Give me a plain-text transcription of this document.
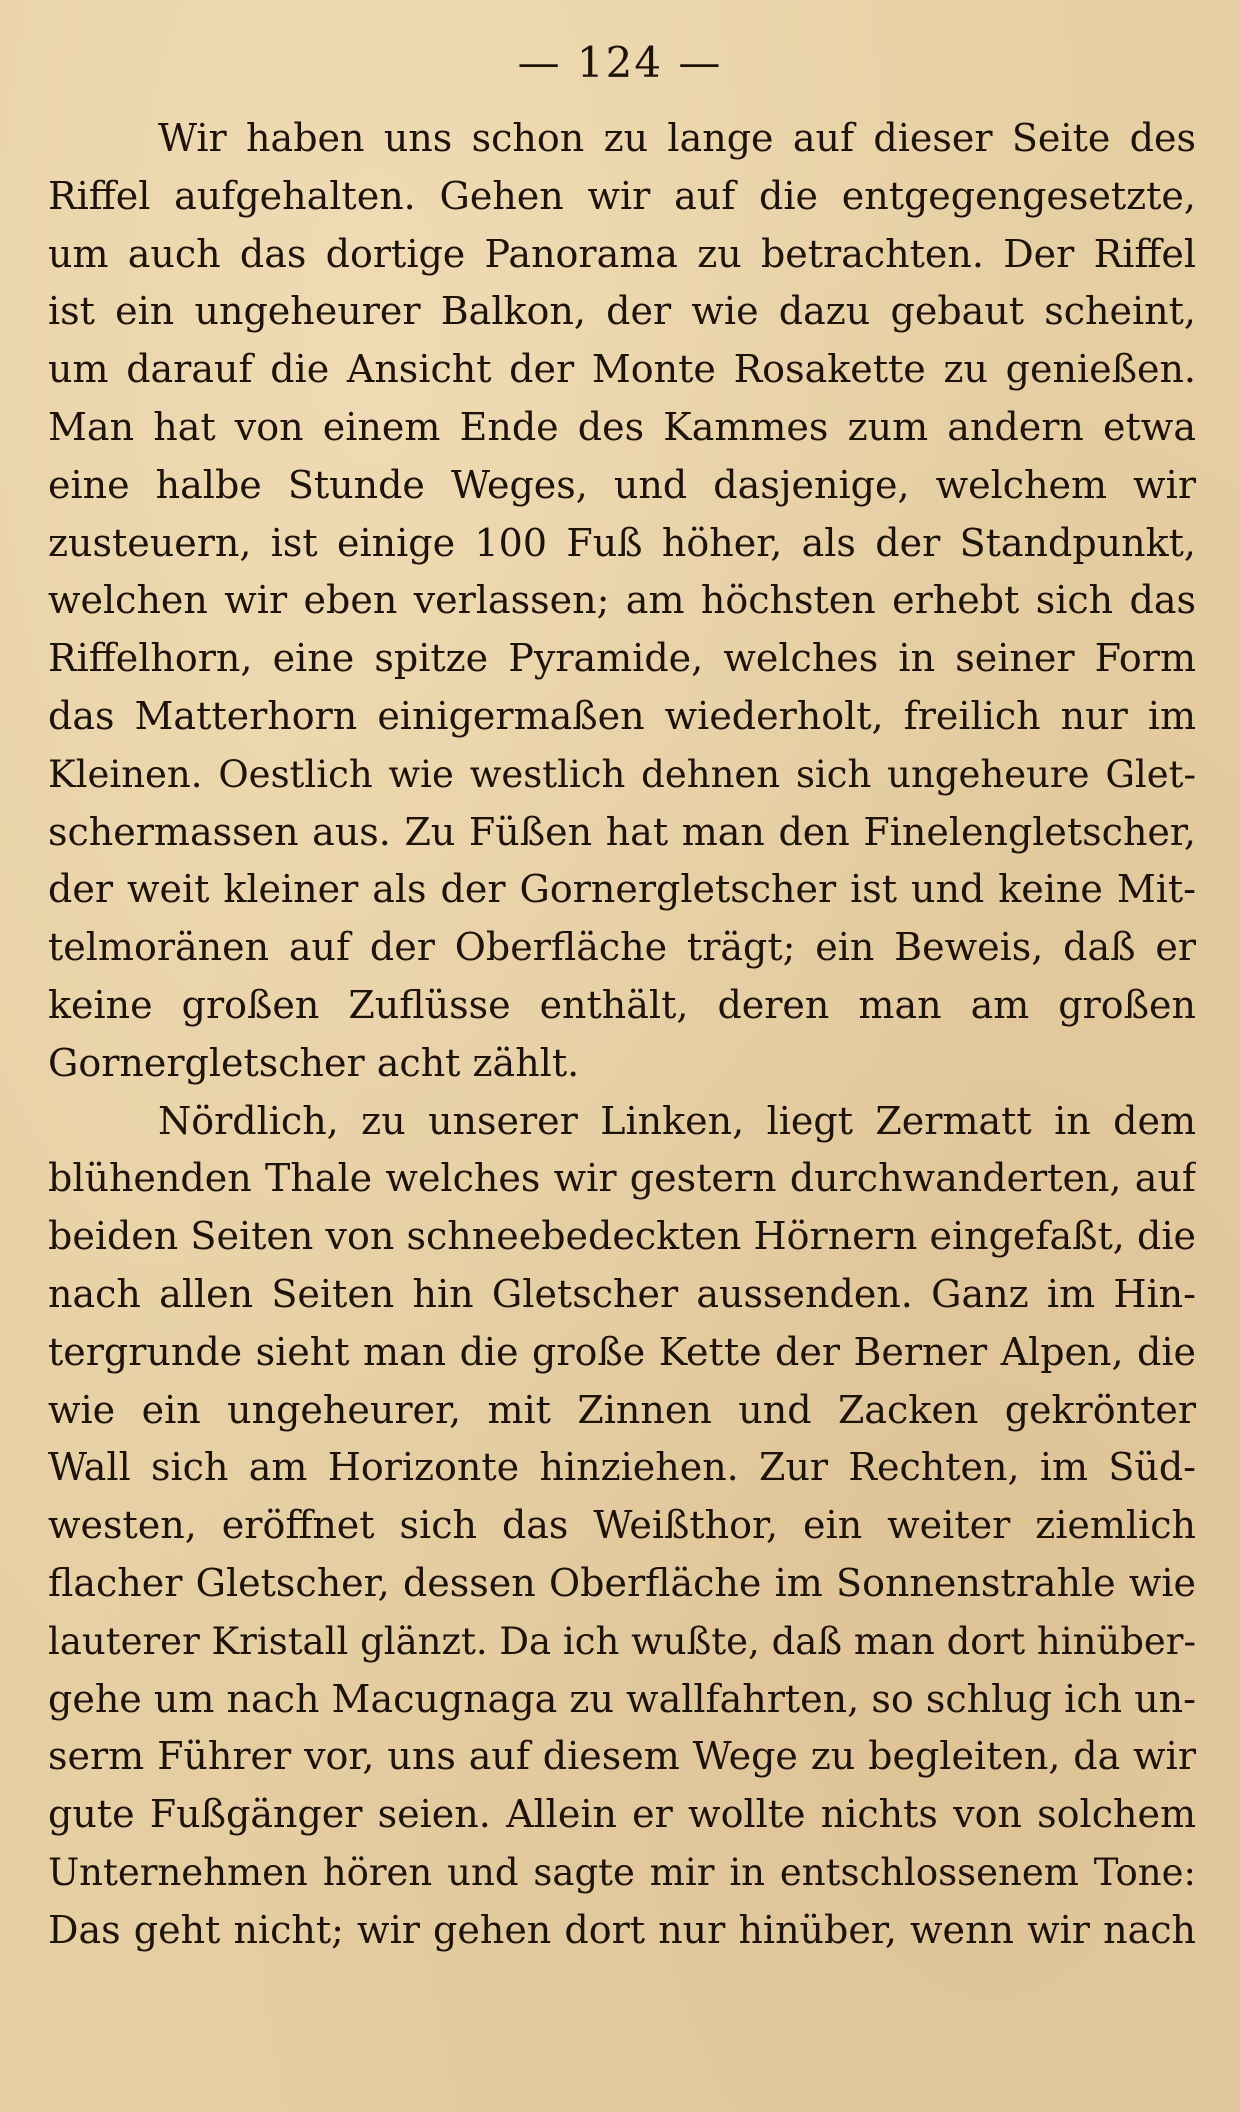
— 124 —
Wir haben uns schon zu lange auf dieser Seite des
Riffel aufgehalten. Gehen wir auf die entgegengesetzte,
um auch das dortige Panorama zu betrachten. Der Riffel
ist ein ungeheurer Balkon, der wie dazu gebaut scheint,
um darauf die Ansicht der Monte Rosakette zu genießen.
Man hat von einem Ende des Kammes zum andern etwa
eine halbe Stunde Weges, und dasjenige, welchem wir
zusteuern, ist einige 100 Fuß höher, als der Standpunkt,
welchen wir eben verlassen; am höchsten erhebt sich das
Riffelhorn, eine spitze Pyramide, welches in seiner Form
das Matterhorn einigermaßen wiederholt, freilich nur im
Kleinen. Oestlich wie westlich dehnen sich ungeheure Glet-
schermassen aus. Zu Füßen hat man den Finelengletscher,
der weit kleiner als der Gornergletscher ist und keine Mit-
telmoränen auf der Oberfläche trägt; ein Beweis, daß er
keine großen Zuflüsse enthält, deren man am großen
Gornergletscher acht zählt.
Nördlich, zu unserer Linken, liegt Zermatt in dem
blühenden Thale welches wir gestern durchwanderten, auf
beiden Seiten von schneebedeckten Hörnern eingefaßt, die
nach allen Seiten hin Gletscher aussenden. Ganz im Hin-
tergrunde sieht man die große Kette der Berner Alpen, die
wie ein ungeheurer, mit Zinnen und Zacken gekrönter
Wall sich am Horizonte hinziehen. Zur Rechten, im Süd-
westen, eröffnet sich das Weißthor, ein weiter ziemlich
flacher Gletscher, dessen Oberfläche im Sonnenstrahle wie
lauterer Kristall glänzt. Da ich wußte, daß man dort hinüber-
gehe um nach Macugnaga zu wallfahrten, so schlug ich un-
serm Führer vor, uns auf diesem Wege zu begleiten, da wir
gute Fußgänger seien. Allein er wollte nichts von solchem
Unternehmen hören und sagte mir in entschlossenem Tone:
Das geht nicht; wir gehen dort nur hinüber, wenn wir nach
